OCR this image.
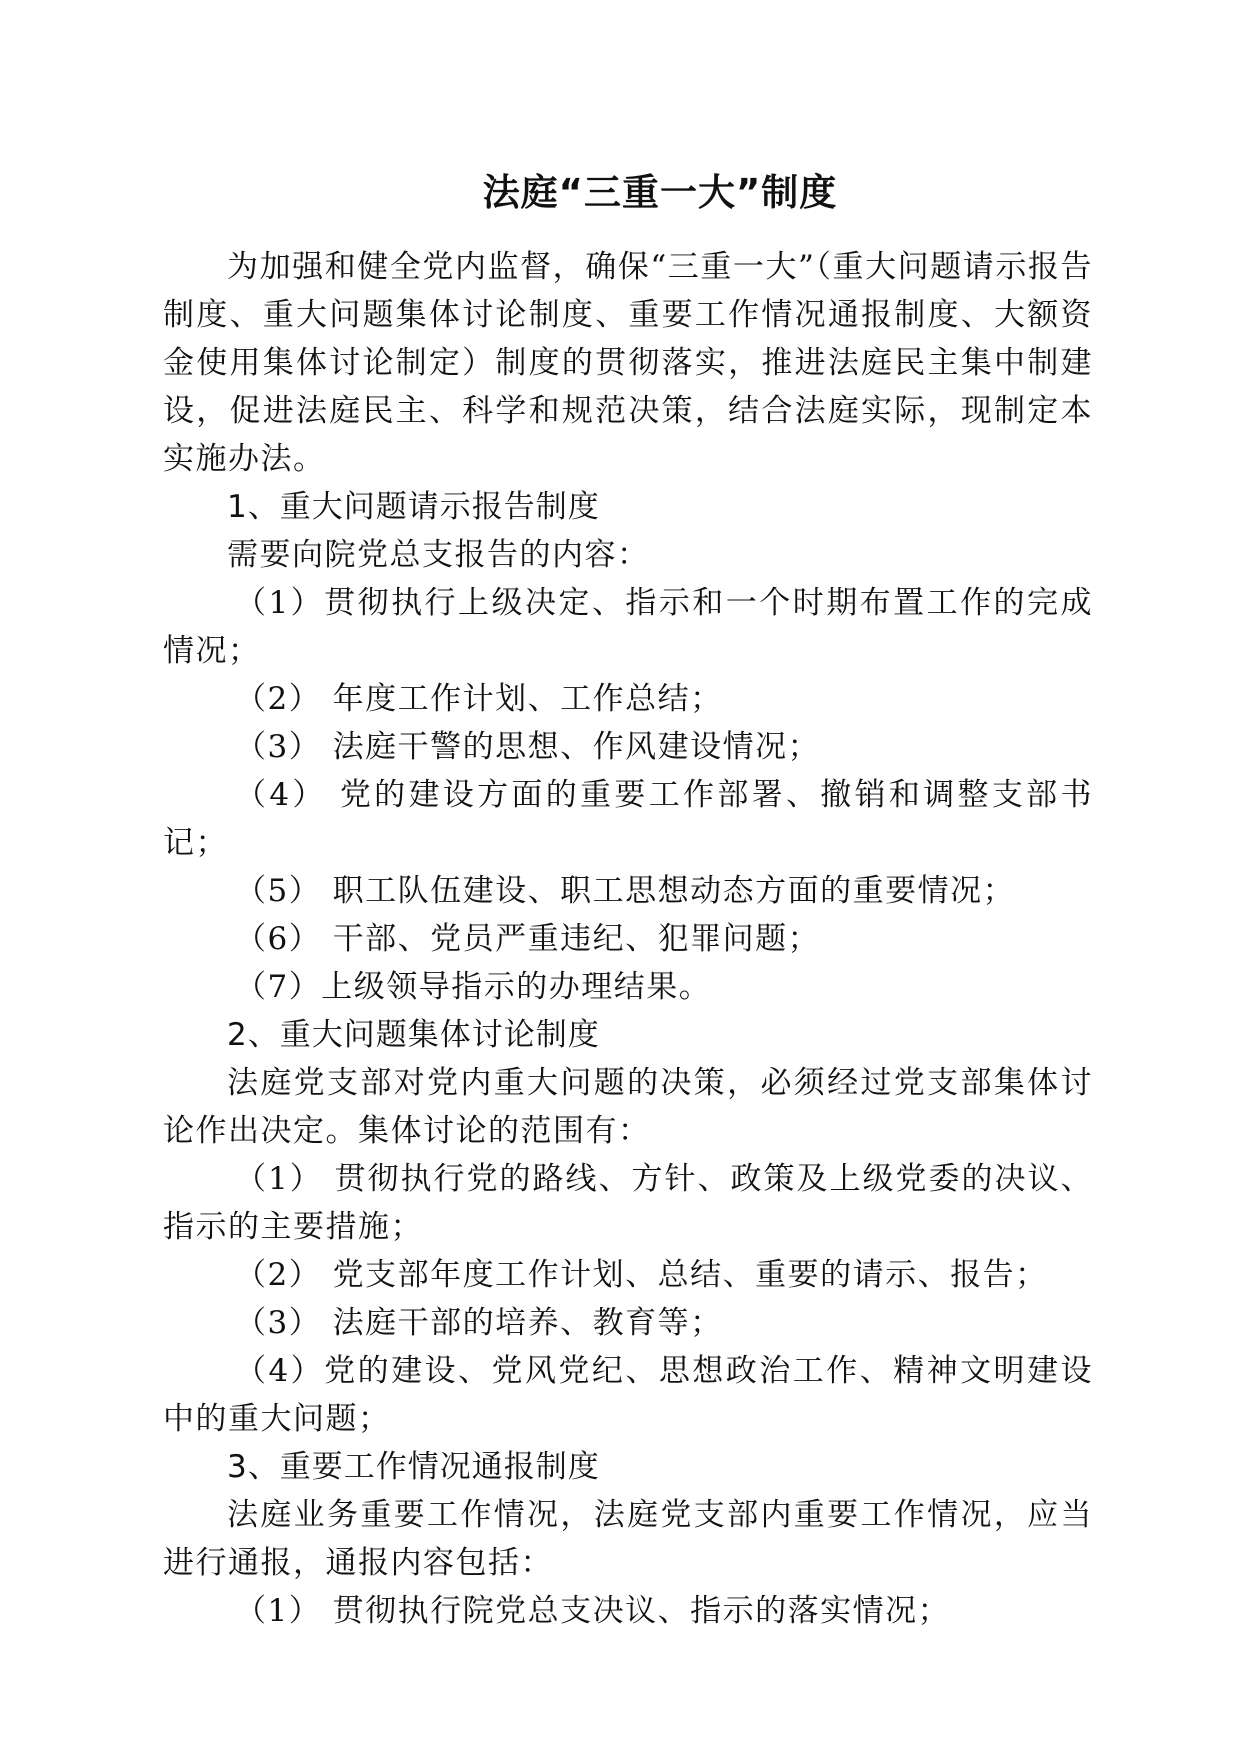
法庭“三重一大”制度

为加强和健全党内监督，确保“三重一大”（重大问题请示报告制度、重大问题集体讨论制度、重要工作情况通报制度、大额资金使用集体讨论制定）制度的贯彻落实，推进法庭民主集中制建设，促进法庭民主、科学和规范决策，结合法庭实际，现制定本实施办法。

1、重大问题请示报告制度

需要向院党总支报告的内容：

（1）贯彻执行上级决定、指示和一个时期布置工作的完成情况；

（2） 年度工作计划、工作总结；

（3） 法庭干警的思想、作风建设情况；

（4） 党的建设方面的重要工作部署、撤销和调整支部书记；

（5） 职工队伍建设、职工思想动态方面的重要情况；

（6） 干部、党员严重违纪、犯罪问题；

（7）上级领导指示的办理结果。

2、重大问题集体讨论制度

法庭党支部对党内重大问题的决策，必须经过党支部集体讨论作出决定。集体讨论的范围有：

（1） 贯彻执行党的路线、方针、政策及上级党委的决议、指示的主要措施；

（2） 党支部年度工作计划、总结、重要的请示、报告；

（3） 法庭干部的培养、教育等；

（4）党的建设、党风党纪、思想政治工作、精神文明建设中的重大问题；

3、重要工作情况通报制度

法庭业务重要工作情况，法庭党支部内重要工作情况，应当进行通报，通报内容包括：

（1） 贯彻执行院党总支决议、指示的落实情况；
